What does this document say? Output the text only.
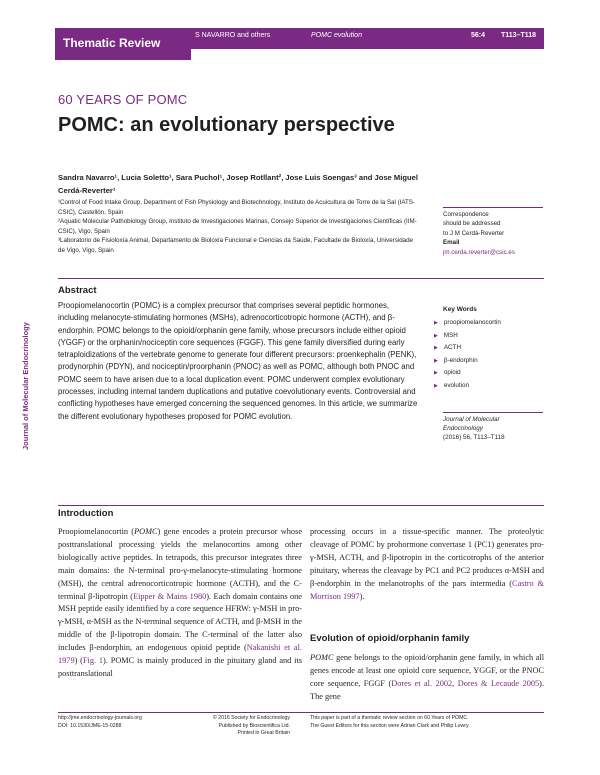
Thematic Review
S NAVARRO and others	POMC evolution	56:4 T113–T118
Journal of Molecular Endocrinology
60 YEARS OF POMC
POMC: an evolutionary perspective
Sandra Navarro¹, Lucia Soletto¹, Sara Puchol¹, Josep Rotllant², Jose Luis Soengas³ and Jose Miguel Cerdá-Reverter¹
¹Control of Food Intake Group, Department of Fish Physiology and Biotechnology, Instituto de Acuicultura de Torre de la Sal (IATS-CSIC), Castellón, Spain
²Aquatic Molecular Pathobiology Group, Instituto de Investigaciones Marinas, Consejo Superior de Investigaciones Científicas (IIM-CSIC), Vigo, Spain
³Laboratorio de Fisioloxía Animal, Departamento de Bioloxía Funcional e Ciencias da Saúde, Facultade de Bioloxía, Universidade de Vigo, Vigo, Spain
Correspondence
should be addressed
to J M Cerdá-Reverter
Email
jm.cerda.reverter@csic.es
Abstract
Proopiomelanocortin (POMC) is a complex precursor that comprises several peptidic hormones, including melanocyte-stimulating hormones (MSHs), adrenocorticotropic hormone (ACTH), and β-endorphin. POMC belongs to the opioid/orphanin gene family, whose precursors include either opioid (YGGF) or the orphanin/nociceptin core sequences (FGGF). This gene family diversified during early tetraploidizations of the vertebrate genome to generate four different precursors: proenkephalin (PENK), prodynorphin (PDYN), and nociceptin/proorphanin (PNOC) as well as POMC, although both PNOC and POMC seem to have arisen due to a local duplication event. POMC underwent complex evolutionary processes, including internal tandem duplications and putative coevolutionary events. Controversial and conflicting hypotheses have emerged concerning the sequenced genomes. In this article, we summarize the different evolutionary hypotheses proposed for POMC evolution.
Key Words
▶ proopiomelanocortin
▶ MSH
▶ ACTH
▶ β-endorphin
▶ opioid
▶ evolution
Journal of Molecular
Endocrinology
(2016) 56, T113–T118
Introduction
Proopiomelanocortin (POMC) gene encodes a protein precursor whose posttranslational processing yields the melanocortins among other biologically active peptides. In tetrapods, this precursor integrates three main domains: the N-terminal pro-γ-melanocyte-stimulating hormone (MSH), the central adrenocorticotropic hormone (ACTH), and the C-terminal β-lipotropin (Eipper & Mains 1980). Each domain contains one MSH peptide easily identified by a core sequence HFRW: γ-MSH in pro-γ-MSH, α-MSH as the N-terminal sequence of ACTH, and β-MSH in the middle of the β-lipotropin domain. The C-terminal of the latter also includes β-endorphin, an endogenous opioid peptide (Nakanishi et al. 1979) (Fig. 1). POMC is mainly produced in the pituitary gland and its posttranslational
processing occurs in a tissue-specific manner. The proteolytic cleavage of POMC by prohormone convertase 1 (PC1) generates pro-γ-MSH, ACTH, and β-lipotropin in the corticotrophs of the anterior pituitary, whereas the cleavage by PC1 and PC2 produces α-MSH and β-endorphin in the melanotrophs of the pars intermedia (Castro & Morrison 1997).
Evolution of opioid/orphanin family
POMC gene belongs to the opioid/orphanin gene family, in which all genes encode at least one opioid core sequence, YGGF, or the PNOC core sequence, FGGF (Dores et al. 2002, Dores & Lecaude 2005). The gene
http://jme.endocrinology-journals.org
DOI: 10.1530/JME-15-0288
© 2016 Society for Endocrinology
Published by Bioscientifica Ltd.
Printed in Great Britain
This paper is part of a thematic review section on 60 Years of POMC.
The Guest Editors for this section were Adrian Clark and Philip Lowry.
